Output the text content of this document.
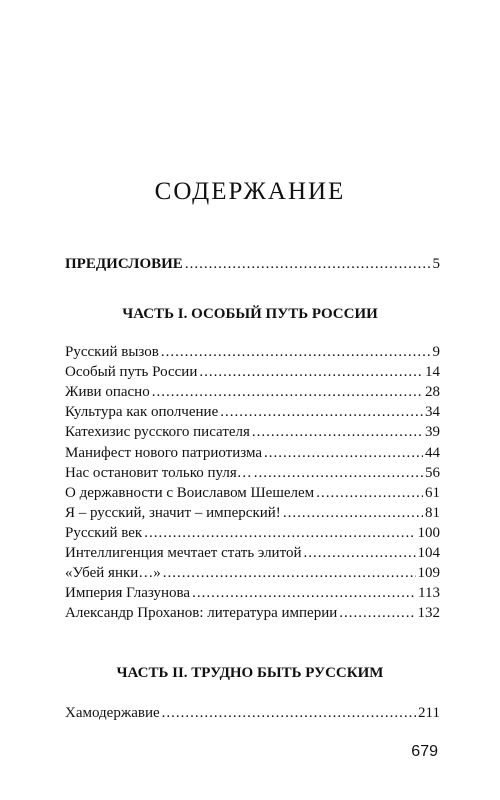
СОДЕРЖАНИЕ
ПРЕДИСЛОВИЕ .....	5
ЧАСТЬ I. ОСОБЫЙ ПУТЬ РОССИИ
Русский вызов .....	9
Особый путь России .....	14
Живи опасно .....	28
Культура как ополчение .....	34
Катехизис русского писателя .....	39
Манифест нового патриотизма .....	44
Нас остановит только пуля… .....	56
О державности с Воиславом Шешелем .....	61
Я – русский, значит – имперский! .....	81
Русский век .....	100
Интеллигенция мечтает стать элитой .....	104
«Убей янки…» .....	109
Империя Глазунова .....	113
Александр Проханов: литература империи .....	132
ЧАСТЬ II. ТРУДНО БЫТЬ РУССКИМ
Хамодержавие .....	211
679
